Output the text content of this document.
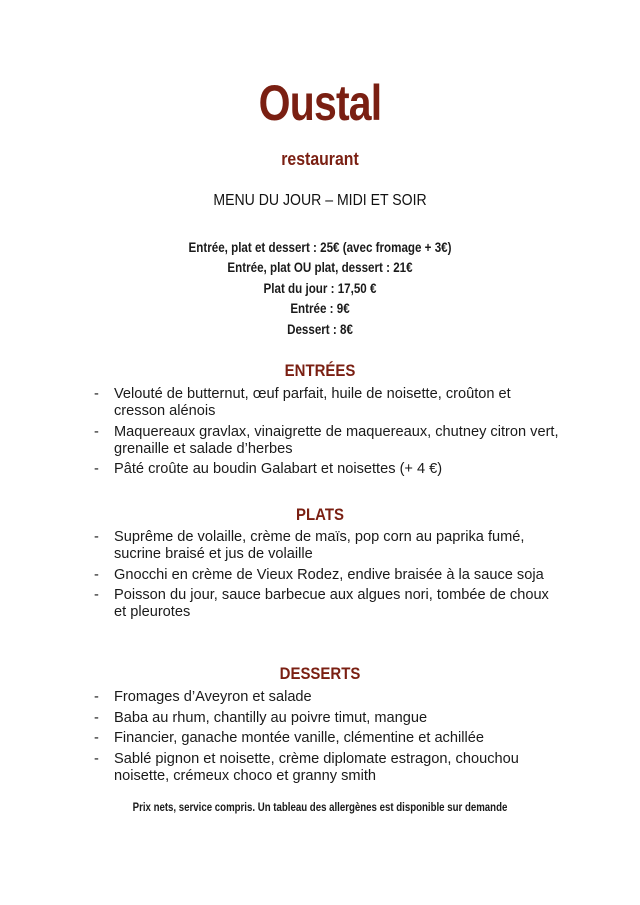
Oustal
restaurant
MENU DU JOUR – MIDI ET SOIR
Entrée, plat et dessert : 25€ (avec fromage + 3€)
Entrée, plat OU plat, dessert : 21€
Plat du jour : 17,50 €
Entrée : 9€
Dessert : 8€
ENTRÉES
- Velouté de butternut, œuf parfait, huile de noisette, croûton et cresson alénois
- Maquereaux gravlax, vinaigrette de maquereaux, chutney citron vert, grenaille et salade d’herbes
- Pâté croûte au boudin Galabart et noisettes (+ 4 €)
PLATS
- Suprême de volaille, crème de maïs, pop corn au paprika fumé, sucrine braisé et jus de volaille
- Gnocchi en crème de Vieux Rodez, endive braisée à la sauce soja
- Poisson du jour, sauce barbecue aux algues nori, tombée de choux et pleurotes
DESSERTS
- Fromages d’Aveyron et salade
- Baba au rhum, chantilly au poivre timut, mangue
- Financier, ganache montée vanille, clémentine et achillée
- Sablé pignon et noisette, crème diplomate estragon, chouchou noisette, crémeux choco et granny smith
Prix nets, service compris. Un tableau des allergènes est disponible sur demande
